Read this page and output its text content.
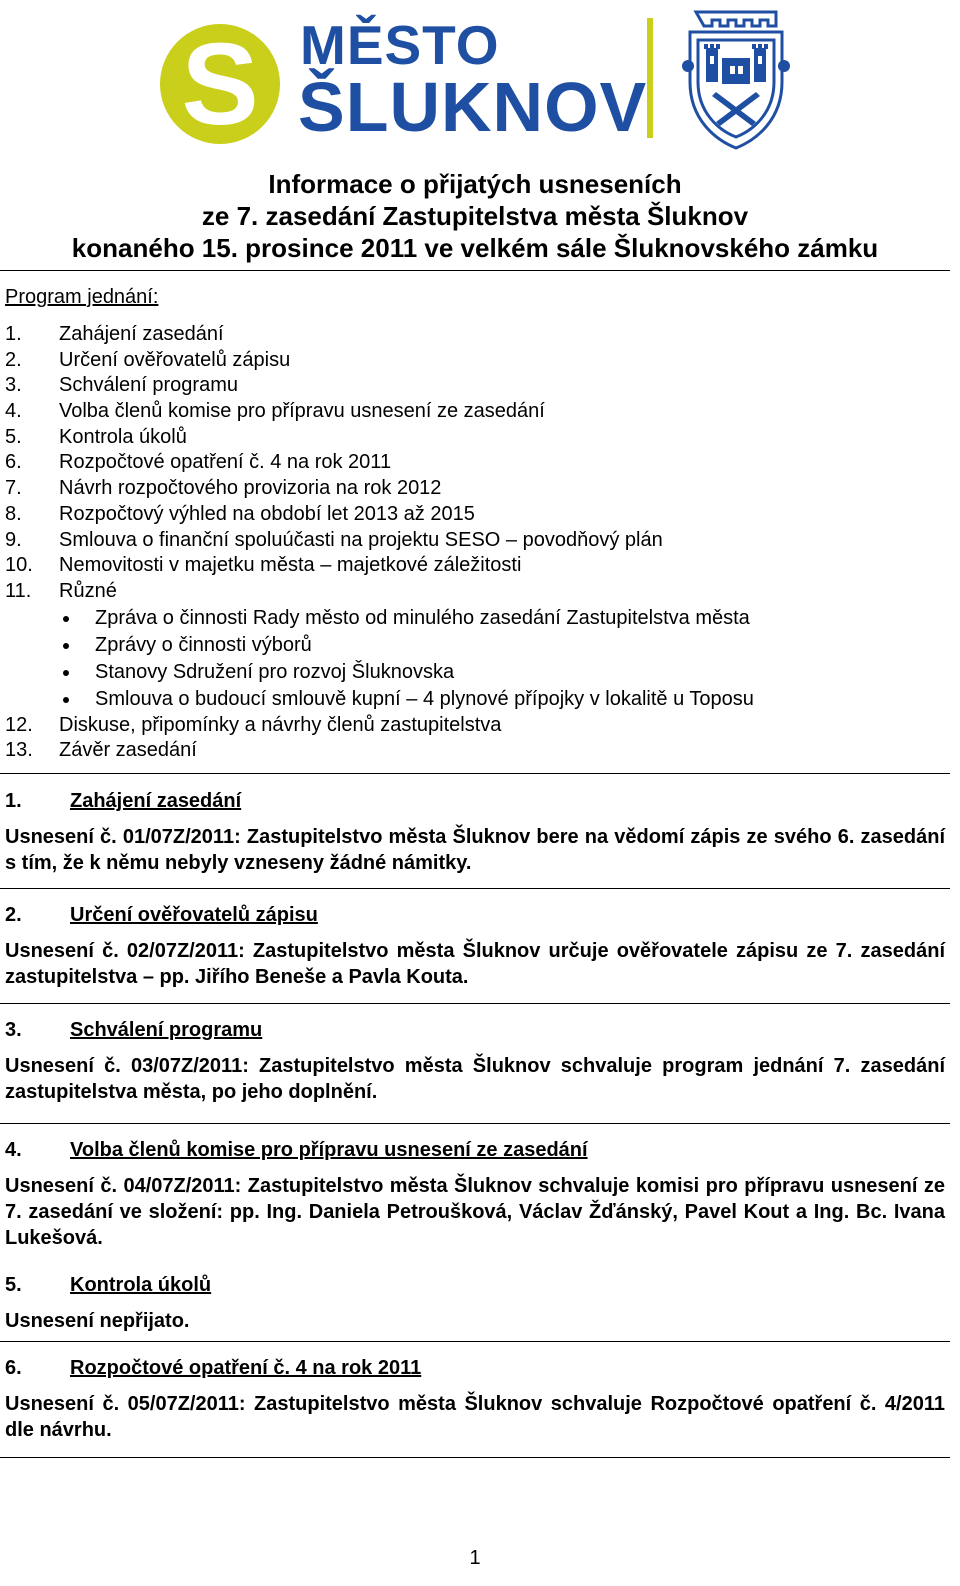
S MĚSTO
ŠLUKNOV
Informace o přijatých usneseních
ze 7. zasedání Zastupitelstva města Šluknov
konaného 15. prosince 2011 ve velkém sále Šluknovského zámku
Program jednání:
1. Zahájení zasedání
2. Určení ověřovatelů zápisu
3. Schválení programu
4. Volba členů komise pro přípravu usnesení ze zasedání
5. Kontrola úkolů
6. Rozpočtové opatření č. 4 na rok 2011
7. Návrh rozpočtového provizoria na rok 2012
8. Rozpočtový výhled na období let 2013 až 2015
9. Smlouva o finanční spoluúčasti na projektu SESO – povodňový plán
10. Nemovitosti v majetku města – majetkové záležitosti
11. Různé
Zpráva o činnosti Rady město od minulého zasedání Zastupitelstva města
Zprávy o činnosti výborů
Stanovy Sdružení pro rozvoj Šluknovska
Smlouva o budoucí smlouvě kupní – 4 plynové přípojky v lokalitě u Toposu
12. Diskuse, připomínky a návrhy členů zastupitelstva
13. Závěr zasedání
1. Zahájení zasedání
Usnesení č. 01/07Z/2011: Zastupitelstvo města Šluknov bere na vědomí zápis ze svého 6. zasedání s tím, že k němu nebyly vzneseny žádné námitky.
2. Určení ověřovatelů zápisu
Usnesení č. 02/07Z/2011: Zastupitelstvo města Šluknov určuje ověřovatele zápisu ze 7. zasedání zastupitelstva – pp. Jiřího Beneše a Pavla Kouta.
3. Schválení programu
Usnesení č. 03/07Z/2011: Zastupitelstvo města Šluknov schvaluje program jednání 7. zasedání zastupitelstva města, po jeho doplnění.
4. Volba členů komise pro přípravu usnesení ze zasedání
Usnesení č. 04/07Z/2011: Zastupitelstvo města Šluknov schvaluje komisi pro přípravu usnesení ze 7. zasedání ve složení: pp. Ing. Daniela Petroušková, Václav Žďánský, Pavel Kout a Ing. Bc. Ivana Lukešová.
5. Kontrola úkolů
Usnesení nepřijato.
6. Rozpočtové opatření č. 4 na rok 2011
Usnesení č. 05/07Z/2011: Zastupitelstvo města Šluknov schvaluje Rozpočtové opatření č. 4/2011 dle návrhu.
1
